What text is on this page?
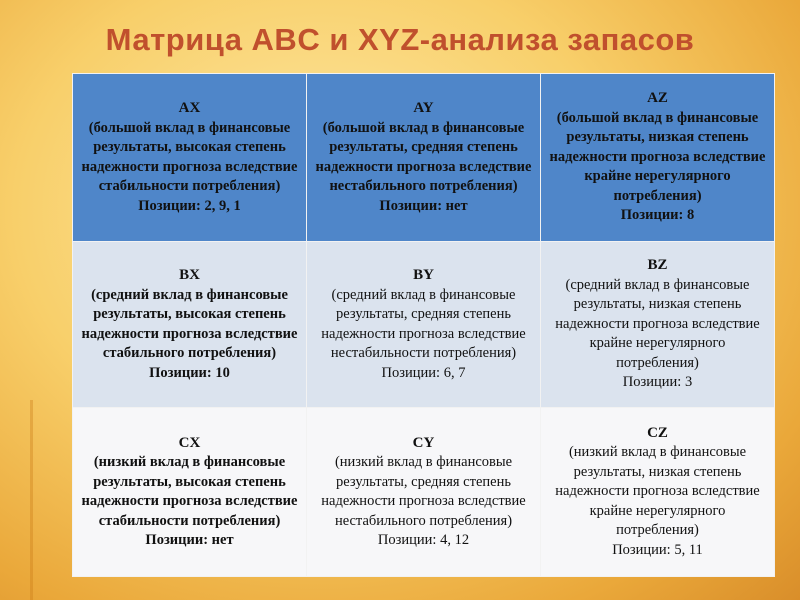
Матрица ABC и XYZ-анализа запасов
AX
(большой вклад в финансовые результаты, высокая степень надежности прогноза вследствие стабильности потребления)
Позиции: 2, 9, 1	AY
(большой вклад в финансовые результаты, средняя степень надежности прогноза вследствие нестабильного потребления)
Позиции: нет	AZ
(большой вклад в финансовые результаты, низкая степень надежности прогноза вследствие крайне нерегулярного потребления)
Позиции: 8

BX
(средний вклад в финансовые результаты, высокая степень надежности прогноза вследствие стабильного потребления)
Позиции: 10	BY
(средний вклад в финансовые результаты, средняя степень надежности прогноза вследствие нестабильности потребления)
Позиции: 6, 7	BZ
(средний вклад в финансовые результаты, низкая степень надежности прогноза вследствие крайне нерегулярного потребления)
Позиции: 3

CX
(низкий вклад в финансовые результаты, высокая степень надежности прогноза вследствие стабильности потребления)
Позиции: нет	CY
(низкий вклад в финансовые результаты, средняя степень надежности прогноза вследствие нестабильного потребления)
Позиции: 4, 12	CZ
(низкий вклад в финансовые результаты, низкая степень надежности прогноза вследствие крайне нерегулярного потребления)
Позиции: 5, 11
